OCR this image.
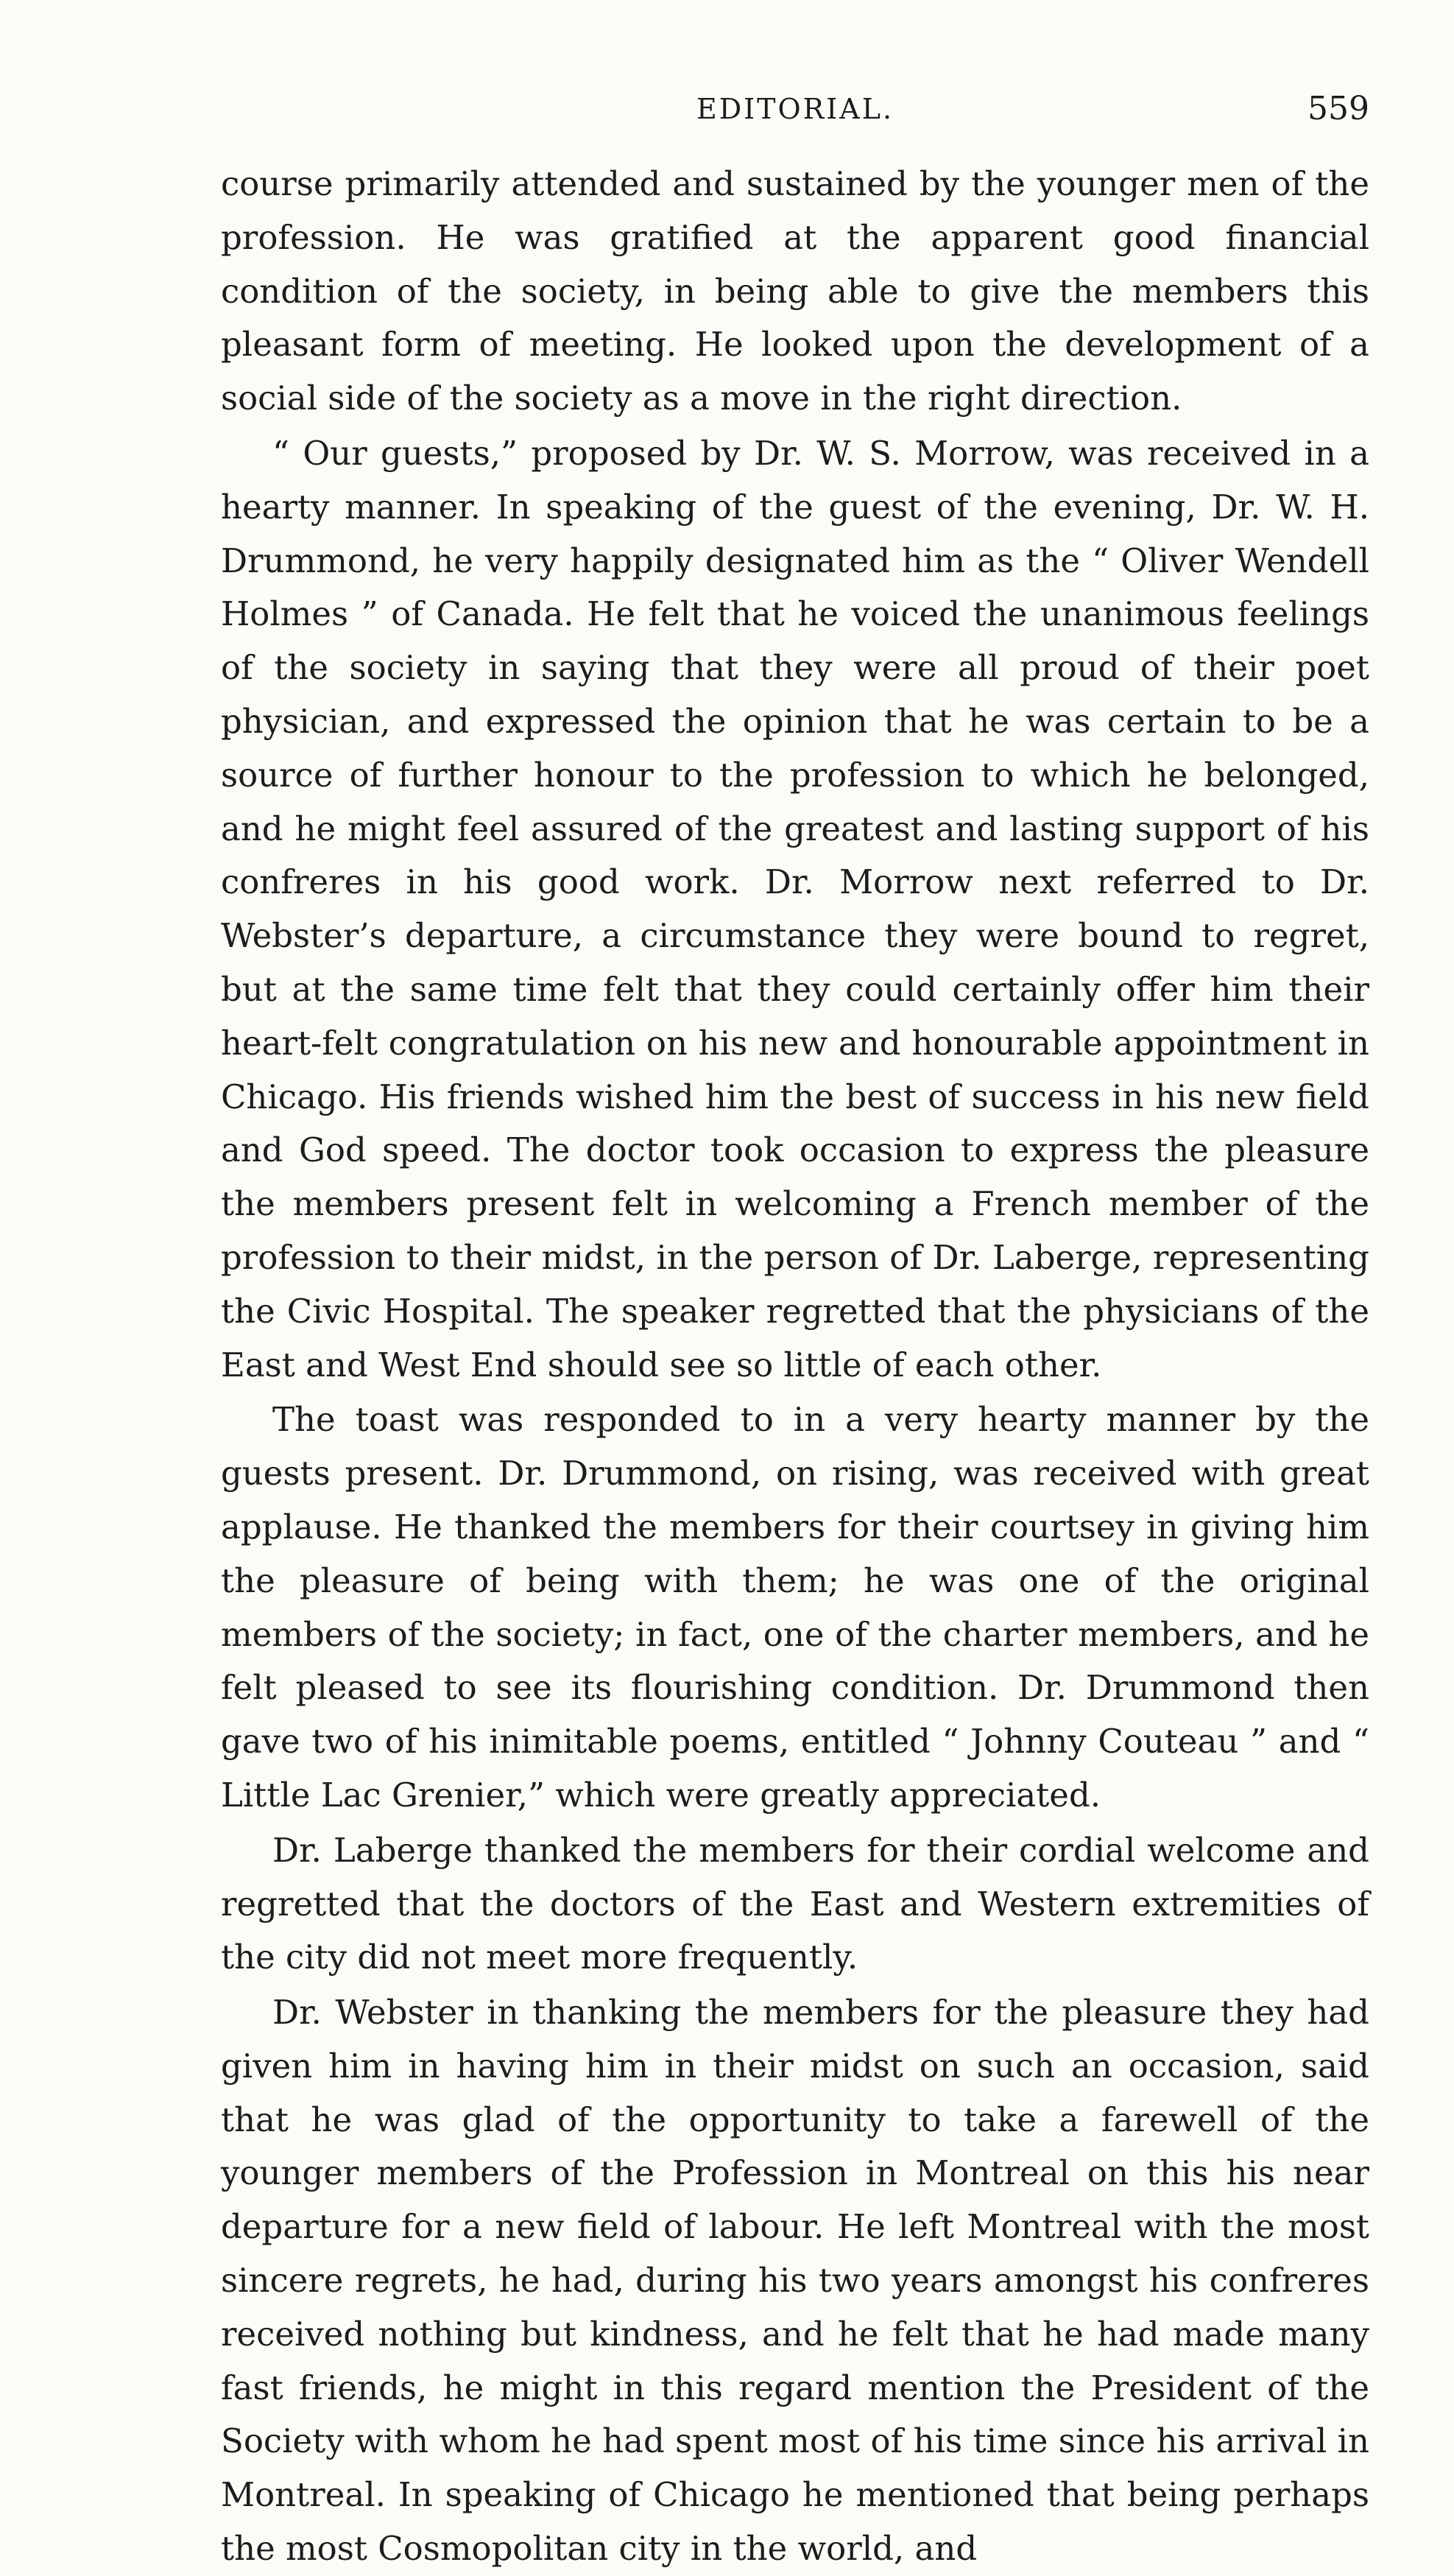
EDITORIAL.	559

course primarily attended and sustained by the younger men of the profession. He was gratified at the apparent good financial condition of the society, in being able to give the members this pleasant form of meeting. He looked upon the development of a social side of the society as a move in the right direction.

“ Our guests,” proposed by Dr. W. S. Morrow, was received in a hearty manner. In speaking of the guest of the evening, Dr. W. H. Drummond, he very happily designated him as the “ Oliver Wendell Holmes ” of Canada. He felt that he voiced the unanimous feelings of the society in saying that they were all proud of their poet physician, and expressed the opinion that he was certain to be a source of further honour to the profession to which he belonged, and he might feel assured of the greatest and lasting support of his confreres in his good work. Dr. Morrow next referred to Dr. Webster’s departure, a circumstance they were bound to regret, but at the same time felt that they could certainly offer him their heart-felt congratulation on his new and honourable appointment in Chicago. His friends wished him the best of success in his new field and God speed. The doctor took occasion to express the pleasure the members present felt in welcoming a French member of the profession to their midst, in the person of Dr. Laberge, representing the Civic Hospital. The speaker regretted that the physicians of the East and West End should see so little of each other.

The toast was responded to in a very hearty manner by the guests present. Dr. Drummond, on rising, was received with great applause. He thanked the members for their courtsey in giving him the pleasure of being with them; he was one of the original members of the society; in fact, one of the charter members, and he felt pleased to see its flourishing condition. Dr. Drummond then gave two of his inimitable poems, entitled “ Johnny Couteau ” and “ Little Lac Grenier,” which were greatly appreciated.

Dr. Laberge thanked the members for their cordial welcome and regretted that the doctors of the East and Western extremities of the city did not meet more frequently.

Dr. Webster in thanking the members for the pleasure they had given him in having him in their midst on such an occasion, said that he was glad of the opportunity to take a farewell of the younger members of the Profession in Montreal on this his near departure for a new field of labour. He left Montreal with the most sincere regrets, he had, during his two years amongst his confreres received nothing but kindness, and he felt that he had made many fast friends, he might in this regard mention the President of the Society with whom he had spent most of his time since his arrival in Montreal. In speaking of Chicago he mentioned that being perhaps the most Cosmopolitan city in the world, and
